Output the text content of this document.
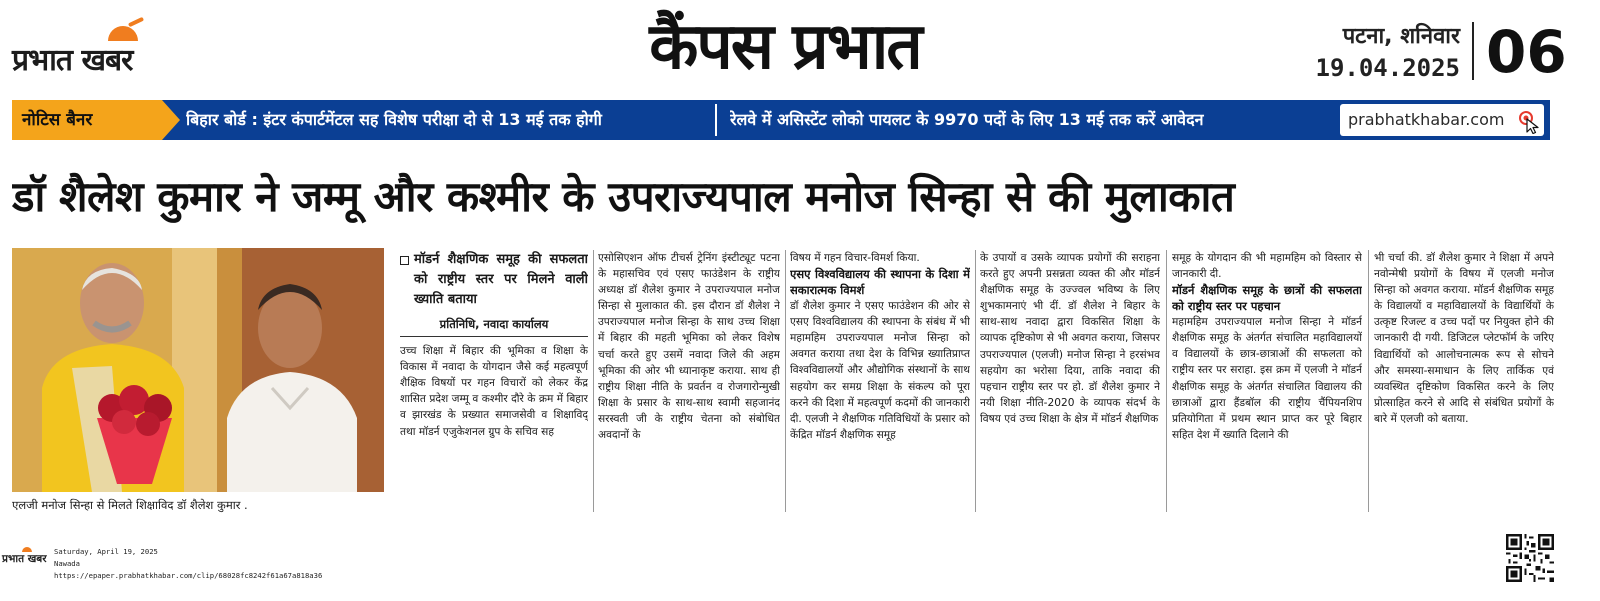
प्रभात खबर	कैंपस प्रभात	पटना, शनिवार
19.04.2025 06
नोटिस बैनर	बिहार बोर्ड : इंटर कंपार्टमेंटल सह विशेष परीक्षा दो से 13 मई तक होगी	रेलवे में असिस्टेंट लोको पायलट के 9970 पदों के लिए 13 मई तक करें आवेदन	prabhatkhabar.com
डॉ शैलेश कुमार ने जम्मू और कश्मीर के उपराज्यपाल मनोज सिन्हा से की मुलाकात
एलजी मनोज सिन्हा से मिलते शिक्षाविद डॉ शैलेश कुमार .

मॉडर्न शैक्षणिक समूह की सफलता को राष्ट्रीय स्तर पर मिलने वाली ख्याति बताया

प्रतिनिधि, नवादा कार्यालय

उच्च शिक्षा में बिहार की भूमिका व शिक्षा के विकास में नवादा के योगदान जैसे कई महत्वपूर्ण शैक्षिक विषयों पर गहन विचारों को लेकर केंद्र शासित प्रदेश जम्मू व कश्मीर दौरे के क्रम में बिहार व झारखंड के प्रख्यात समाजसेवी व शिक्षाविद् तथा मॉडर्न एजुकेशनल ग्रुप के सचिव सह

एसोसिएशन ऑफ टीचर्स ट्रेनिंग इंस्टीट्यूट पटना के महासचिव एवं एसए फाउंडेशन के राष्ट्रीय अध्यक्ष डॉ शैलेश कुमार ने उपराज्यपाल मनोज सिन्हा से मुलाकात की. इस दौरान डॉ शैलेश ने उपराज्यपाल मनोज सिन्हा के साथ उच्च शिक्षा में बिहार की महती भूमिका को लेकर विशेष चर्चा करते हुए उसमें नवादा जिले की अहम भूमिका की ओर भी ध्यानाकृष्ट कराया. साथ ही राष्ट्रीय शिक्षा नीति के प्रवर्तन व रोजगारोन्मुखी शिक्षा के प्रसार के साथ-साथ स्वामी सहजानंद सरस्वती जी के राष्ट्रीय चेतना को संबोधित अवदानों के

विषय में गहन विचार-विमर्श किया.

एसए विश्वविद्यालय की स्थापना के दिशा में सकारात्मक विमर्श

डॉ शैलेश कुमार ने एसए फाउंडेशन की ओर से एसए विश्वविद्यालय की स्थापना के संबंध में भी महामहिम उपराज्यपाल मनोज सिन्हा को अवगत कराया तथा देश के विभिन्न ख्यातिप्राप्त विश्वविद्यालयों और औद्योगिक संस्थानों के साथ सहयोग कर समग्र शिक्षा के संकल्प को पूरा करने की दिशा में महत्वपूर्ण कदमों की जानकारी दी. एलजी ने शैक्षणिक गतिविधियों के प्रसार को केंद्रित मॉडर्न शैक्षणिक समूह

के उपायों व उसके व्यापक प्रयोगों की सराहना करते हुए अपनी प्रसन्नता व्यक्त की और मॉडर्न शैक्षणिक समूह के उज्ज्वल भविष्य के लिए शुभकामनाएं भी दीं. डॉ शैलेश ने बिहार के साथ-साथ नवादा द्वारा विकसित शिक्षा के व्यापक दृष्टिकोण से भी अवगत कराया, जिसपर उपराज्यपाल (एलजी) मनोज सिन्हा ने हरसंभव सहयोग का भरोसा दिया, ताकि नवादा की पहचान राष्ट्रीय स्तर पर हो. डॉ शैलेश कुमार ने नयी शिक्षा नीति-2020 के व्यापक संदर्भ के विषय एवं उच्च शिक्षा के क्षेत्र में मॉडर्न शैक्षणिक

समूह के योगदान की भी महामहिम को विस्तार से जानकारी दी.

मॉडर्न शैक्षणिक समूह के छात्रों की सफलता को राष्ट्रीय स्तर पर पहचान

महामहिम उपराज्यपाल मनोज सिन्हा ने मॉडर्न शैक्षणिक समूह के अंतर्गत संचालित महाविद्यालयों व विद्यालयों के छात्र-छात्राओं की सफलता को राष्ट्रीय स्तर पर सराहा. इस क्रम में एलजी ने मॉडर्न शैक्षणिक समूह के अंतर्गत संचालित विद्यालय की छात्राओं द्वारा हैंडबॉल की राष्ट्रीय चैंपियनशिप प्रतियोगिता में प्रथम स्थान प्राप्त कर पूरे बिहार सहित देश में ख्याति दिलाने की

भी चर्चा की. डॉ शैलेश कुमार ने शिक्षा में अपने नवोन्मेषी प्रयोगों के विषय में एलजी मनोज सिन्हा को अवगत कराया. मॉडर्न शैक्षणिक समूह के विद्यालयों व महाविद्यालयों के विद्यार्थियों के उत्कृष्ट रिजल्ट व उच्च पदों पर नियुक्त होने की जानकारी दी गयी. डिजिटल प्लेटफॉर्म के जरिए विद्यार्थियों को आलोचनात्मक रूप से सोचने और समस्या-समाधान के लिए तार्किक एवं व्यवस्थित दृष्टिकोण विकसित करने के लिए प्रोत्साहित करने से आदि से संबंधित प्रयोगों के बारे में एलजी को बताया.

प्रभात खबर
Saturday, April 19, 2025
Nawada
https://epaper.prabhatkhabar.com/clip/68028fc8242f61a67a818a36
